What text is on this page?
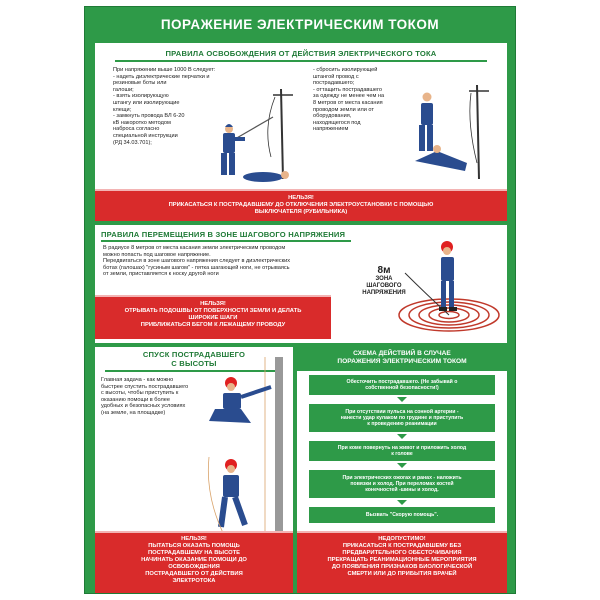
ПОРАЖЕНИЕ ЭЛЕКТРИЧЕСКИМ ТОКОМ
ПРАВИЛА ОСВОБОЖДЕНИЯ ОТ ДЕЙСТВИЯ ЭЛЕКТРИЧЕСКОГО ТОКА
При напряжении выше 1000 В следует:
- надеть диэлектрические перчатки и
резиновые боты или
галоши;
- взять изолирующую
штангу или изолирующие
клещи;
- замкнуть провода ВЛ 6-20
кВ накоротко методом
наброса согласно
специальной инструкции
(РД 34.03.701);
- сбросить изолирующей
штангой провод с
пострадавшего;
- оттащить пострадавшего
за одежду не менее чем на
8 метров от места касания
проводом земли или от
оборудования,
находящегося под
напряжением
НЕЛЬЗЯ!
ПРИКАСАТЬСЯ К ПОСТРАДАВШЕМУ ДО ОТКЛЮЧЕНИЯ ЭЛЕКТРОУСТАНОВКИ С ПОМОЩЬЮ
ВЫКЛЮЧАТЕЛЯ (РУБИЛЬНИКА)
ПРАВИЛА ПЕРЕМЕЩЕНИЯ В ЗОНЕ ШАГОВОГО НАПРЯЖЕНИЯ
В радиусе 8 метров от места касания земли электрическим проводом
можно попасть под шаговое напряжение.
Передвигаться в зоне шагового напряжения следует в диэлектрических
ботах (галошах) "гусиным шагом" - пятка шагающей ноги, не отрываясь
от земли, приставляется к носку другой ноги	8м
ЗОНА
ШАГОВОГО
НАПРЯЖЕНИЯ
НЕЛЬЗЯ!
ОТРЫВАТЬ ПОДОШВЫ ОТ ПОВЕРХНОСТИ ЗЕМЛИ И ДЕЛАТЬ
ШИРОКИЕ ШАГИ
ПРИБЛИЖАТЬСЯ БЕГОМ К ЛЕЖАЩЕМУ ПРОВОДУ
СПУСК ПОСТРАДАВШЕГО
С ВЫСОТЫ
Главная задача - как можно
быстрее спустить пострадавшего
с высоты, чтобы приступить к
оказанию помощи в более
удобных и безопасных условиях
(на земле, на площадке)
НЕЛЬЗЯ!
ПЫТАТЬСЯ ОКАЗАТЬ ПОМОЩЬ
ПОСТРАДАВШЕМУ НА ВЫСОТЕ
НАЧИНАТЬ ОКАЗАНИЕ ПОМОЩИ ДО
ОСВОБОЖДЕНИЯ
ПОСТРАДАВШЕГО ОТ ДЕЙСТВИЯ
ЭЛЕКТРОТОКА
СХЕМА ДЕЙСТВИЙ В СЛУЧАЕ
ПОРАЖЕНИЯ ЭЛЕКТРИЧЕСКИМ ТОКОМ
Обесточить пострадавшего. (Не забывай о
собственной безопасности!)
При отсутствии пульса на сонной артерии -
нанести удар кулаком по грудине и приступить
к проведению реанимации
При коме повернуть на живот и приложить холод
к голове
При электрических ожогах и ранах - наложить
повязки и холод. При переломах костей
конечностей -шины и холод.
Вызвать "Скорую помощь".
НЕДОПУСТИМО!
ПРИКАСАТЬСЯ К ПОСТРАДАВШЕМУ БЕЗ
ПРЕДВАРИТЕЛЬНОГО ОБЕСТОЧИВАНИЯ
ПРЕКРАЩАТЬ РЕАНИМАЦИОННЫЕ МЕРОПРИЯТИЯ
ДО ПОЯВЛЕНИЯ ПРИЗНАКОВ БИОЛОГИЧЕСКОЙ
СМЕРТИ ИЛИ ДО ПРИБЫТИЯ ВРАЧЕЙ
